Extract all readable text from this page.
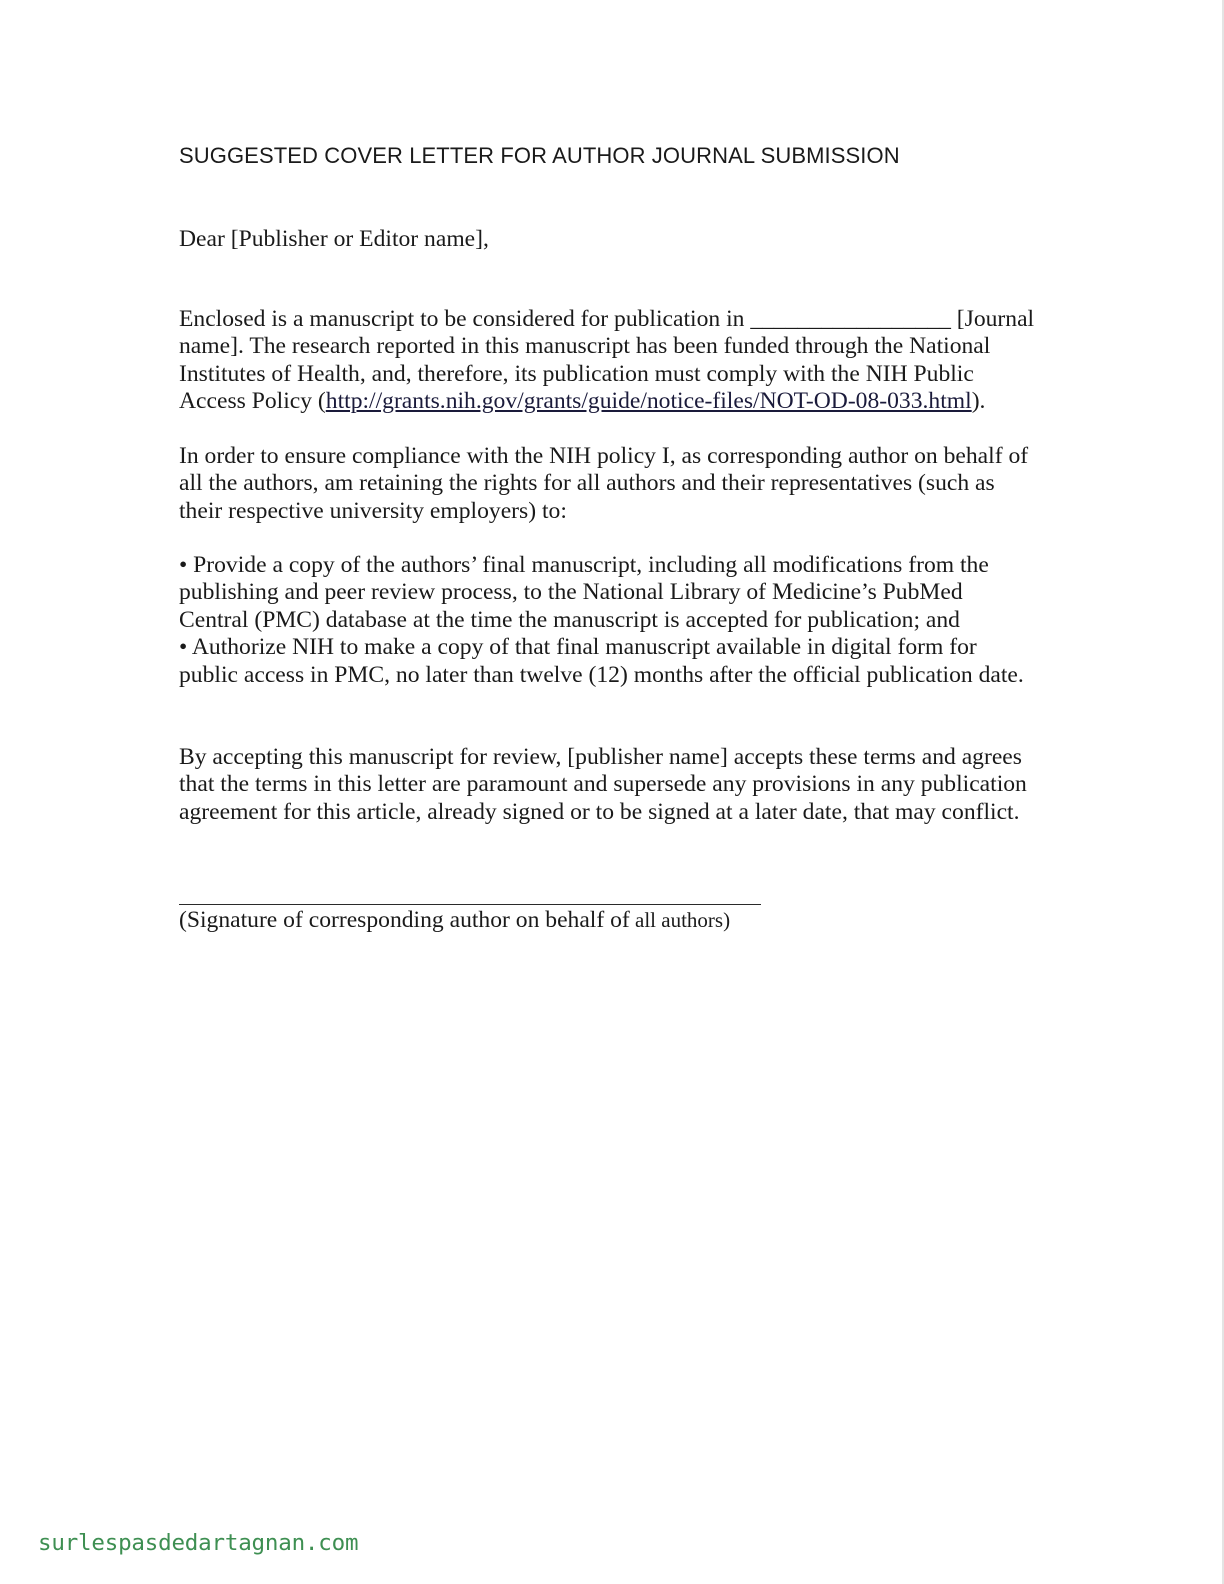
SUGGESTED COVER LETTER FOR AUTHOR JOURNAL SUBMISSION
Dear [Publisher or Editor name],
Enclosed is a manuscript to be considered for publication in _________________ [Journal
name]. The research reported in this manuscript has been funded through the National
Institutes of Health, and, therefore, its publication must comply with the NIH Public
Access Policy (http://grants.nih.gov/grants/guide/notice-files/NOT-OD-08-033.html).
In order to ensure compliance with the NIH policy I, as corresponding author on behalf of
all the authors, am retaining the rights for all authors and their representatives (such as
their respective university employers) to:
• Provide a copy of the authors’ final manuscript, including all modifications from the
publishing and peer review process, to the National Library of Medicine’s PubMed
Central (PMC) database at the time the manuscript is accepted for publication; and
• Authorize NIH to make a copy of that final manuscript available in digital form for
public access in PMC, no later than twelve (12) months after the official publication date.
By accepting this manuscript for review, [publisher name] accepts these terms and agrees
that the terms in this letter are paramount and supersede any provisions in any publication
agreement for this article, already signed or to be signed at a later date, that may conflict.
(Signature of corresponding author on behalf of all authors)
surlespasdedartagnan.com
